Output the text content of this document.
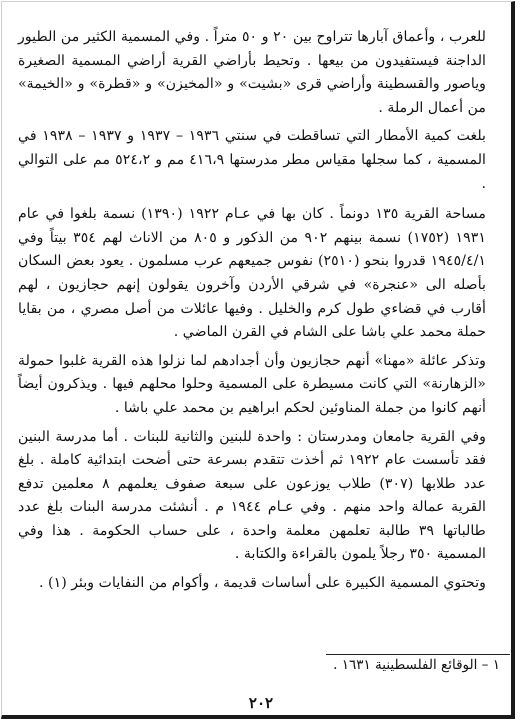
للعرب ، وأعماق آبارها تتراوح بين ٢٠ و ٥٠ متراً . وفي المسمية الكثير من الطيور الداجنة فيستفيدون من بيعها . وتحيط بأراضي القرية أراضي المسمية الصغيرة وياصور والقسطينة وأراضي قرى «بشيت» و «المخيزن» و «قطرة» و «الخيمة» من أعمال الرملة .

بلغت كمية الأمطار التي تساقطت في سنتي ١٩٣٦ – ١٩٣٧ و ١٩٣٧ – ١٩٣٨ في المسمية ، كما سجلها مقياس مطر مدرستها ٤١٦،٩ مم و ٥٢٤،٢ مم على التوالي .

مساحة القرية ١٣٥ دونماً . كان بها في عـام ١٩٢٢ (١٣٩٠) نسمة بلغوا في عام ١٩٣١ (١٧٥٢) نسمة بينهم ٩٠٢ من الذكور و ٨٠٥ من الاناث لهم ٣٥٤ بيتاً وفي ١٩٤٥/٤/١ قدروا بنحو (٢٥١٠) نفوس جميعهم عرب مسلمون . يعود بعض السكان بأصله الى «عنجرة» في شرقي الأردن وآخرون يقولون إنهم حجازيون ، لهم أقارب في قضاءي طول كرم والخليل . وفيها عائلات من أصل مصري ، من بقايا حملة محمد علي باشا على الشام في القرن الماضي .

وتذكر عائلة «مهنا» أنهم حجازيون وأن أجدادهم لما نزلوا هذه القرية غلبوا حمولة «الزهارنة» التي كانت مسيطرة على المسمية وحلوا محلهم فيها . ويذكرون أيضاً أنهم كانوا من جملة المناوئين لحكم ابراهيم بن محمد علي باشا .

وفي القرية جامعان ومدرستان : واحدة للبنين والثانية للبنات . أما مدرسة البنين فقد تأسست عام ١٩٢٢ ثم أخذت تتقدم بسرعة حتى أضحت ابتدائية كاملة . بلغ عدد طلابها (٣٠٧) طلاب يوزعون على سبعة صفوف يعلمهم ٨ معلمين تدفع القرية عمالة واحد منهم . وفي عـام ١٩٤٤ م . أنشئت مدرسة البنات بلغ عدد طالباتها ٣٩ طالبة تعلمهن معلمة واحدة ، على حساب الحكومة . هذا وفي المسمية ٣٥٠ رجلاً يلمون بالقراءة والكتابة .

وتحتوي المسمية الكبيرة على أساسات قديمة ، وأكوام من النفايات وبئر (١) .

١ – الوقائع الفلسطينية ١٦٣١ .
٢٠٢
